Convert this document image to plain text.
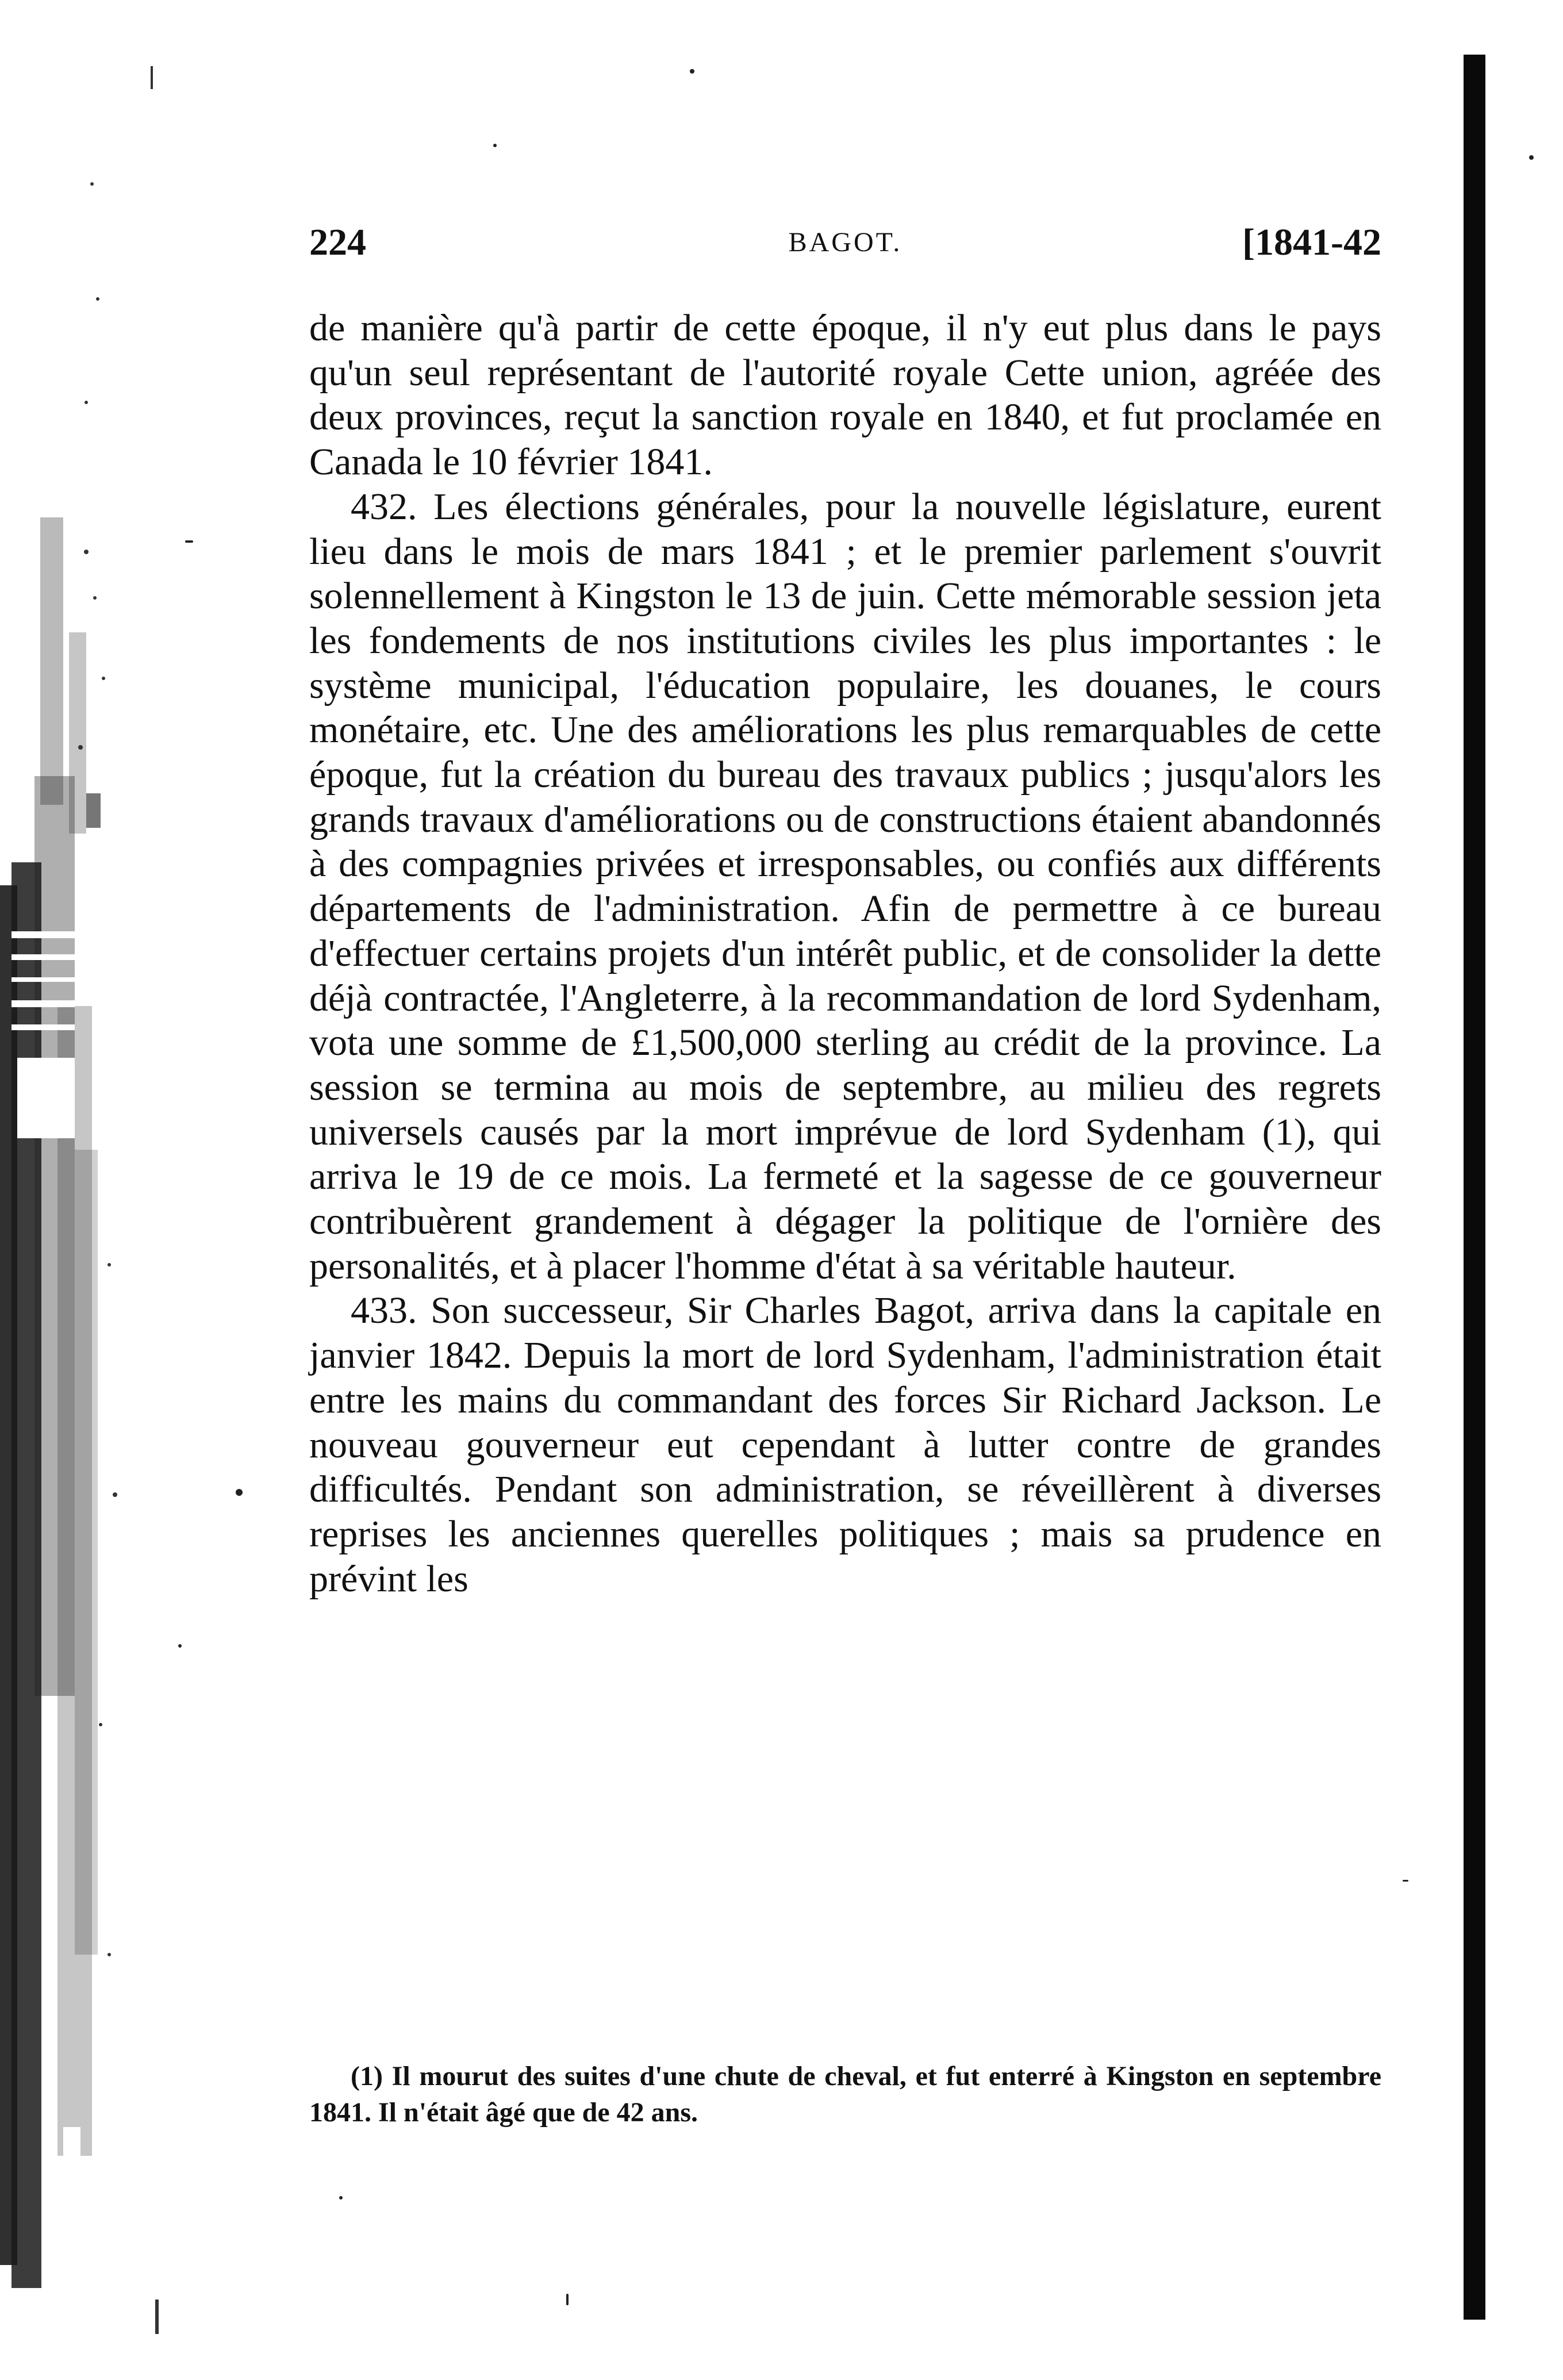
224	BAGOT.	[1841-42

de manière qu'à partir de cette époque, il n'y eut plus dans le pays qu'un seul représentant de l'autorité royale Cette union, agréée des deux provinces, reçut la sanction royale en 1840, et fut proclamée en Canada le 10 février 1841.

432. Les élections générales, pour la nouvelle législature, eurent lieu dans le mois de mars 1841 ; et le premier parlement s'ouvrit solennellement à Kingston le 13 de juin. Cette mémorable session jeta les fondements de nos institutions civiles les plus importantes : le système municipal, l'éducation populaire, les douanes, le cours monétaire, etc. Une des améliorations les plus remarquables de cette époque, fut la création du bureau des travaux publics ; jusqu'alors les grands travaux d'améliorations ou de constructions étaient abandonnés à des compagnies privées et irresponsables, ou confiés aux différents départements de l'administration. Afin de permettre à ce bureau d'effectuer certains projets d'un intérêt public, et de consolider la dette déjà contractée, l'Angleterre, à la recommandation de lord Sydenham, vota une somme de £1,500,000 sterling au crédit de la province. La session se termina au mois de septembre, au milieu des regrets universels causés par la mort imprévue de lord Sydenham (1), qui arriva le 19 de ce mois. La fermeté et la sagesse de ce gouverneur contribuèrent grandement à dégager la politique de l'ornière des personalités, et à placer l'homme d'état à sa véritable hauteur.

433. Son successeur, Sir Charles Bagot, arriva dans la capitale en janvier 1842. Depuis la mort de lord Sydenham, l'administration était entre les mains du commandant des forces Sir Richard Jackson. Le nouveau gouverneur eut cependant à lutter contre de grandes difficultés. Pendant son administration, se réveillèrent à diverses reprises les anciennes querelles politiques ; mais sa prudence en prévint les

(1) Il mourut des suites d'une chute de cheval, et fut enterré à Kingston en septembre 1841. Il n'était âgé que de 42 ans.
